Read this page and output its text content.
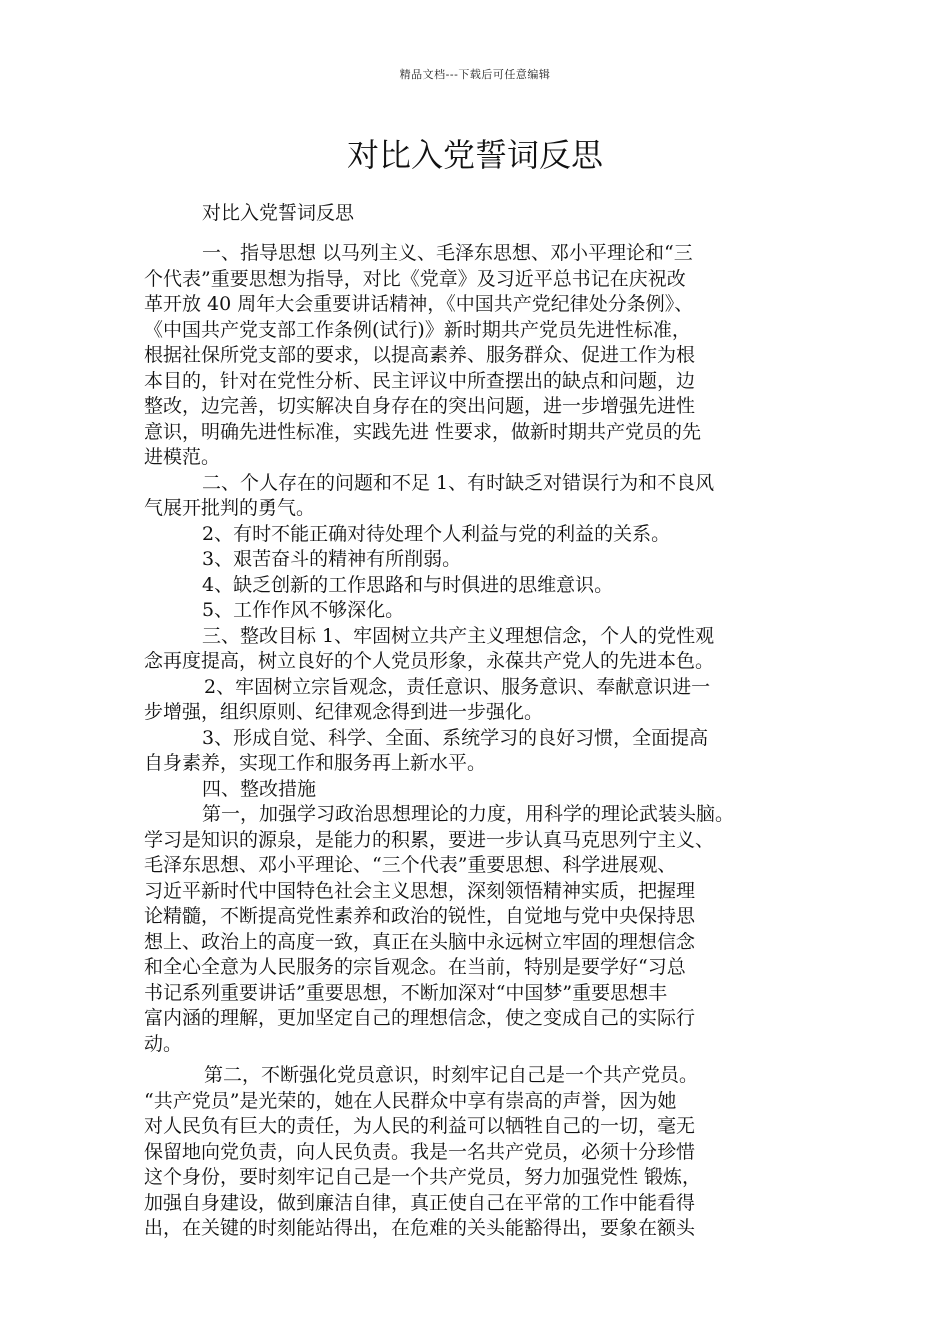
精品文档---下载后可任意编辑
对比入党誓词反思
对比入党誓词反思
一、指导思想 以马列主义、毛泽东思想、邓小平理论和“三
个代表”重要思想为指导，对比《党章》及习近平总书记在庆祝改
革开放 40 周年大会重要讲话精神，《中国共产党纪律处分条例》、
《中国共产党支部工作条例(试行)》新时期共产党员先进性标准，
根据社保所党支部的要求，以提高素养、服务群众、促进工作为根
本目的，针对在党性分析、民主评议中所查摆出的缺点和问题，边
整改，边完善，切实解决自身存在的突出问题，进一步增强先进性
意识，明确先进性标准，实践先进 性要求，做新时期共产党员的先
进模范。
二、个人存在的问题和不足 1、有时缺乏对错误行为和不良风
气展开批判的勇气。
2、有时不能正确对待处理个人利益与党的利益的关系。
3、艰苦奋斗的精神有所削弱。
4、缺乏创新的工作思路和与时俱进的思维意识。
5、工作作风不够深化。
三、整改目标 1、牢固树立共产主义理想信念，个人的党性观
念再度提高，树立良好的个人党员形象，永葆共产党人的先进本色。
2、牢固树立宗旨观念，责任意识、服务意识、奉献意识进一
步增强，组织原则、纪律观念得到进一步强化。
3、形成自觉、科学、全面、系统学习的良好习惯，全面提高
自身素养，实现工作和服务再上新水平。
四、整改措施
第一，加强学习政治思想理论的力度，用科学的理论武装头脑。
学习是知识的源泉，是能力的积累，要进一步认真马克思列宁主义、
毛泽东思想、邓小平理论、“三个代表”重要思想、科学进展观、
习近平新时代中国特色社会主义思想，深刻领悟精神实质，把握理
论精髓，不断提高党性素养和政治的锐性，自觉地与党中央保持思
想上、政治上的高度一致，真正在头脑中永远树立牢固的理想信念
和全心全意为人民服务的宗旨观念。在当前，特别是要学好“习总
书记系列重要讲话”重要思想，不断加深对“中国梦”重要思想丰
富内涵的理解，更加坚定自己的理想信念，使之变成自己的实际行
动。
第二，不断强化党员意识，时刻牢记自己是一个共产党员。
“共产党员”是光荣的，她在人民群众中享有崇高的声誉，因为她
对人民负有巨大的责任，为人民的利益可以牺牲自己的一切，毫无
保留地向党负责，向人民负责。我是一名共产党员，必须十分珍惜
这个身份，要时刻牢记自己是一个共产党员，努力加强党性 锻炼，
加强自身建设，做到廉洁自律，真正使自己在平常的工作中能看得
出，在关键的时刻能站得出，在危难的关头能豁得出，要象在额头
